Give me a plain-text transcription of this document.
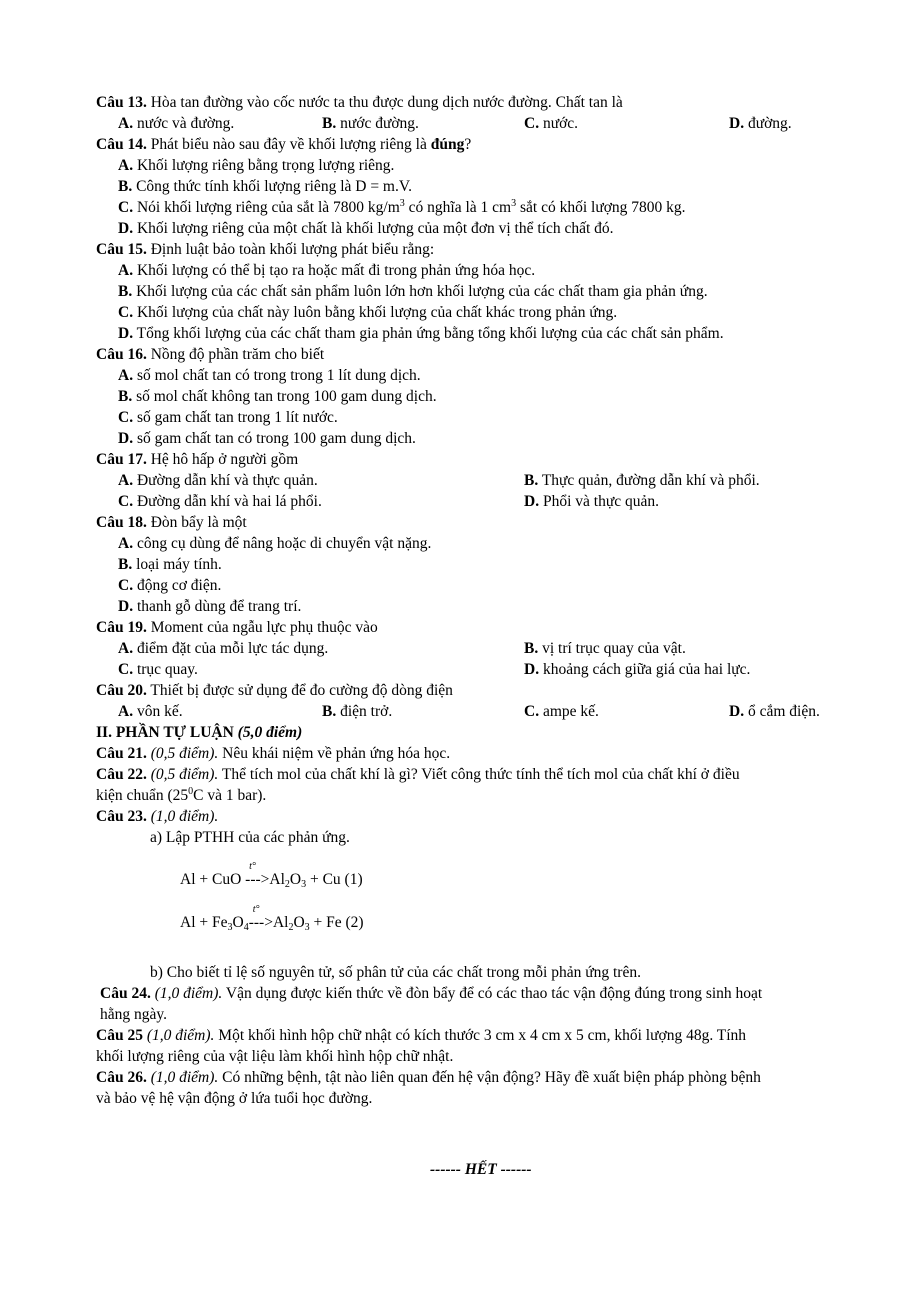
Câu 13. Hòa tan đường vào cốc nước ta thu được dung dịch nước đường. Chất tan là
A. nước và đường.	B. nước đường.	C. nước.	D. đường.
Câu 14. Phát biểu nào sau đây về khối lượng riêng là đúng?
A. Khối lượng riêng bằng trọng lượng riêng.
B. Công thức tính khối lượng riêng là D = m.V.
C. Nói khối lượng riêng của sắt là 7800 $kg/m^3$ có nghĩa là 1 $cm^3$ sắt có khối lượng 7800 kg.
D. Khối lượng riêng của một chất là khối lượng của một đơn vị thể tích chất đó.
Câu 15. Định luật bảo toàn khối lượng phát biểu rằng:
A. Khối lượng có thể bị tạo ra hoặc mất đi trong phản ứng hóa học.
B. Khối lượng của các chất sản phẩm luôn lớn hơn khối lượng của các chất tham gia phản ứng.
C. Khối lượng của chất này luôn bằng khối lượng của chất khác trong phản ứng.
D. Tổng khối lượng của các chất tham gia phản ứng bằng tổng khối lượng của các chất sản phẩm.
Câu 16. Nồng độ phần trăm cho biết
A. số mol chất tan có trong trong 1 lít dung dịch.
B. số mol chất không tan trong 100 gam dung dịch.
C. số gam chất tan trong 1 lít nước.
D. số gam chất tan có trong 100 gam dung dịch.
Câu 17. Hệ hô hấp ở người gồm
A. Đường dẫn khí và thực quản.	B. Thực quản, đường dẫn khí và phổi.
C. Đường dẫn khí và hai lá phổi.	D. Phổi và thực quản.
Câu 18. Đòn bẩy là một
A. công cụ dùng để nâng hoặc di chuyển vật nặng.
B. loại máy tính.
C. động cơ điện.
D. thanh gỗ dùng để trang trí.
Câu 19. Moment của ngẫu lực phụ thuộc vào
A. điểm đặt của mỗi lực tác dụng.	B. vị trí trục quay của vật.
C. trục quay.	D. khoảng cách giữa giá của hai lực.
Câu 20. Thiết bị được sử dụng để đo cường độ dòng điện
A. vôn kế.	B. điện trở.	C. ampe kế.	D. ổ cắm điện.
II. PHẦN TỰ LUẬN (5,0 điểm)
Câu 21. (0,5 điểm). Nêu khái niệm về phản ứng hóa học.
Câu 22. (0,5 điểm). Thể tích mol của chất khí là gì? Viết công thức tính thể tích mol của chất khí ở điều
kiện chuẩn ($25^0C$ và 1 bar).
Câu 23. (1,0 điểm).
a) Lập PTHH của các phản ứng.
Al + CuO
t°
$--->Al_2O_3 + Cu$ (1)
$Al + Fe_3O_4$
t°
$--->Al_2O_3 + Fe$ (2)
b) Cho biết tỉ lệ số nguyên tử, số phân tử của các chất trong mỗi phản ứng trên.
Câu 24. (1,0 điểm). Vận dụng được kiến thức về đòn bẩy để có các thao tác vận động đúng trong sinh hoạt
hằng ngày.
Câu 25 (1,0 điểm). Một khối hình hộp chữ nhật có kích thước 3 cm x 4 cm x 5 cm, khối lượng 48g. Tính
khối lượng riêng của vật liệu làm khối hình hộp chữ nhật.
Câu 26. (1,0 điểm). Có những bệnh, tật nào liên quan đến hệ vận động? Hãy đề xuất biện pháp phòng bệnh
và bảo vệ hệ vận động ở lứa tuổi học đường.
------ HẾT ------
